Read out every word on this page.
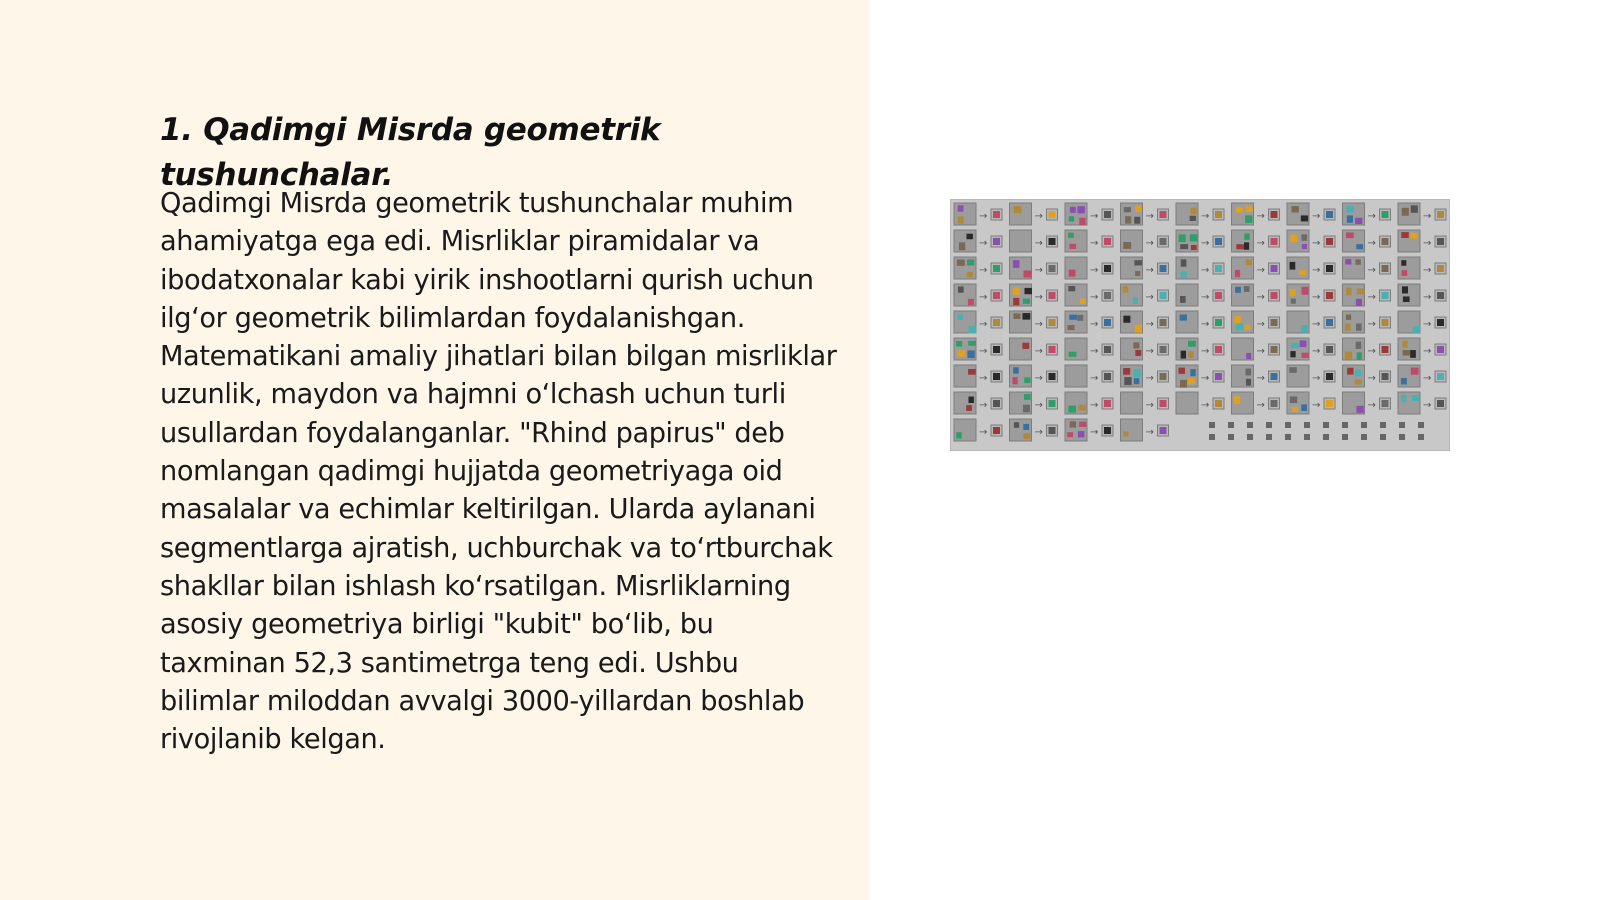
1. Qadimgi Misrda geometrik tushunchalar.

Qadimgi Misrda geometrik tushunchalar muhim ahamiyatga ega edi. Misrliklar piramidalar va ibodatxonalar kabi yirik inshootlarni qurish uchun ilg‘or geometrik bilimlardan foydalanishgan. Matematikani amaliy jihatlari bilan bilgan misrliklar uzunlik, maydon va hajmni o‘lchash uchun turli usullardan foydalanganlar. "Rhind papirus" deb nomlangan qadimgi hujjatda geometriyaga oid masalalar va echimlar keltirilgan. Ularda aylanani segmentlarga ajratish, uchburchak va to‘rtburchak shakllar bilan ishlash ko‘rsatilgan. Misrliklarning asosiy geometriya birligi "kubit" bo‘lib, bu taxminan 52,3 santimetrga teng edi. Ushbu bilimlar miloddan avvalgi 3000-yillardan boshlab rivojlanib kelgan.

→
→
→
→
→
→
→
→
→
→
→
→
→
→
→
→
→
→
→
→
→
→
→
→
→
→
→
→
→
→
→
→
→
→
→
→
→
→
→
→
→
→
→
→
→
→
→
→
→
→
→
→
→
→
→
→
→
→
→
→
→
→
→
→
→
→
→
→
→
→
→
→
→
→
→
→
